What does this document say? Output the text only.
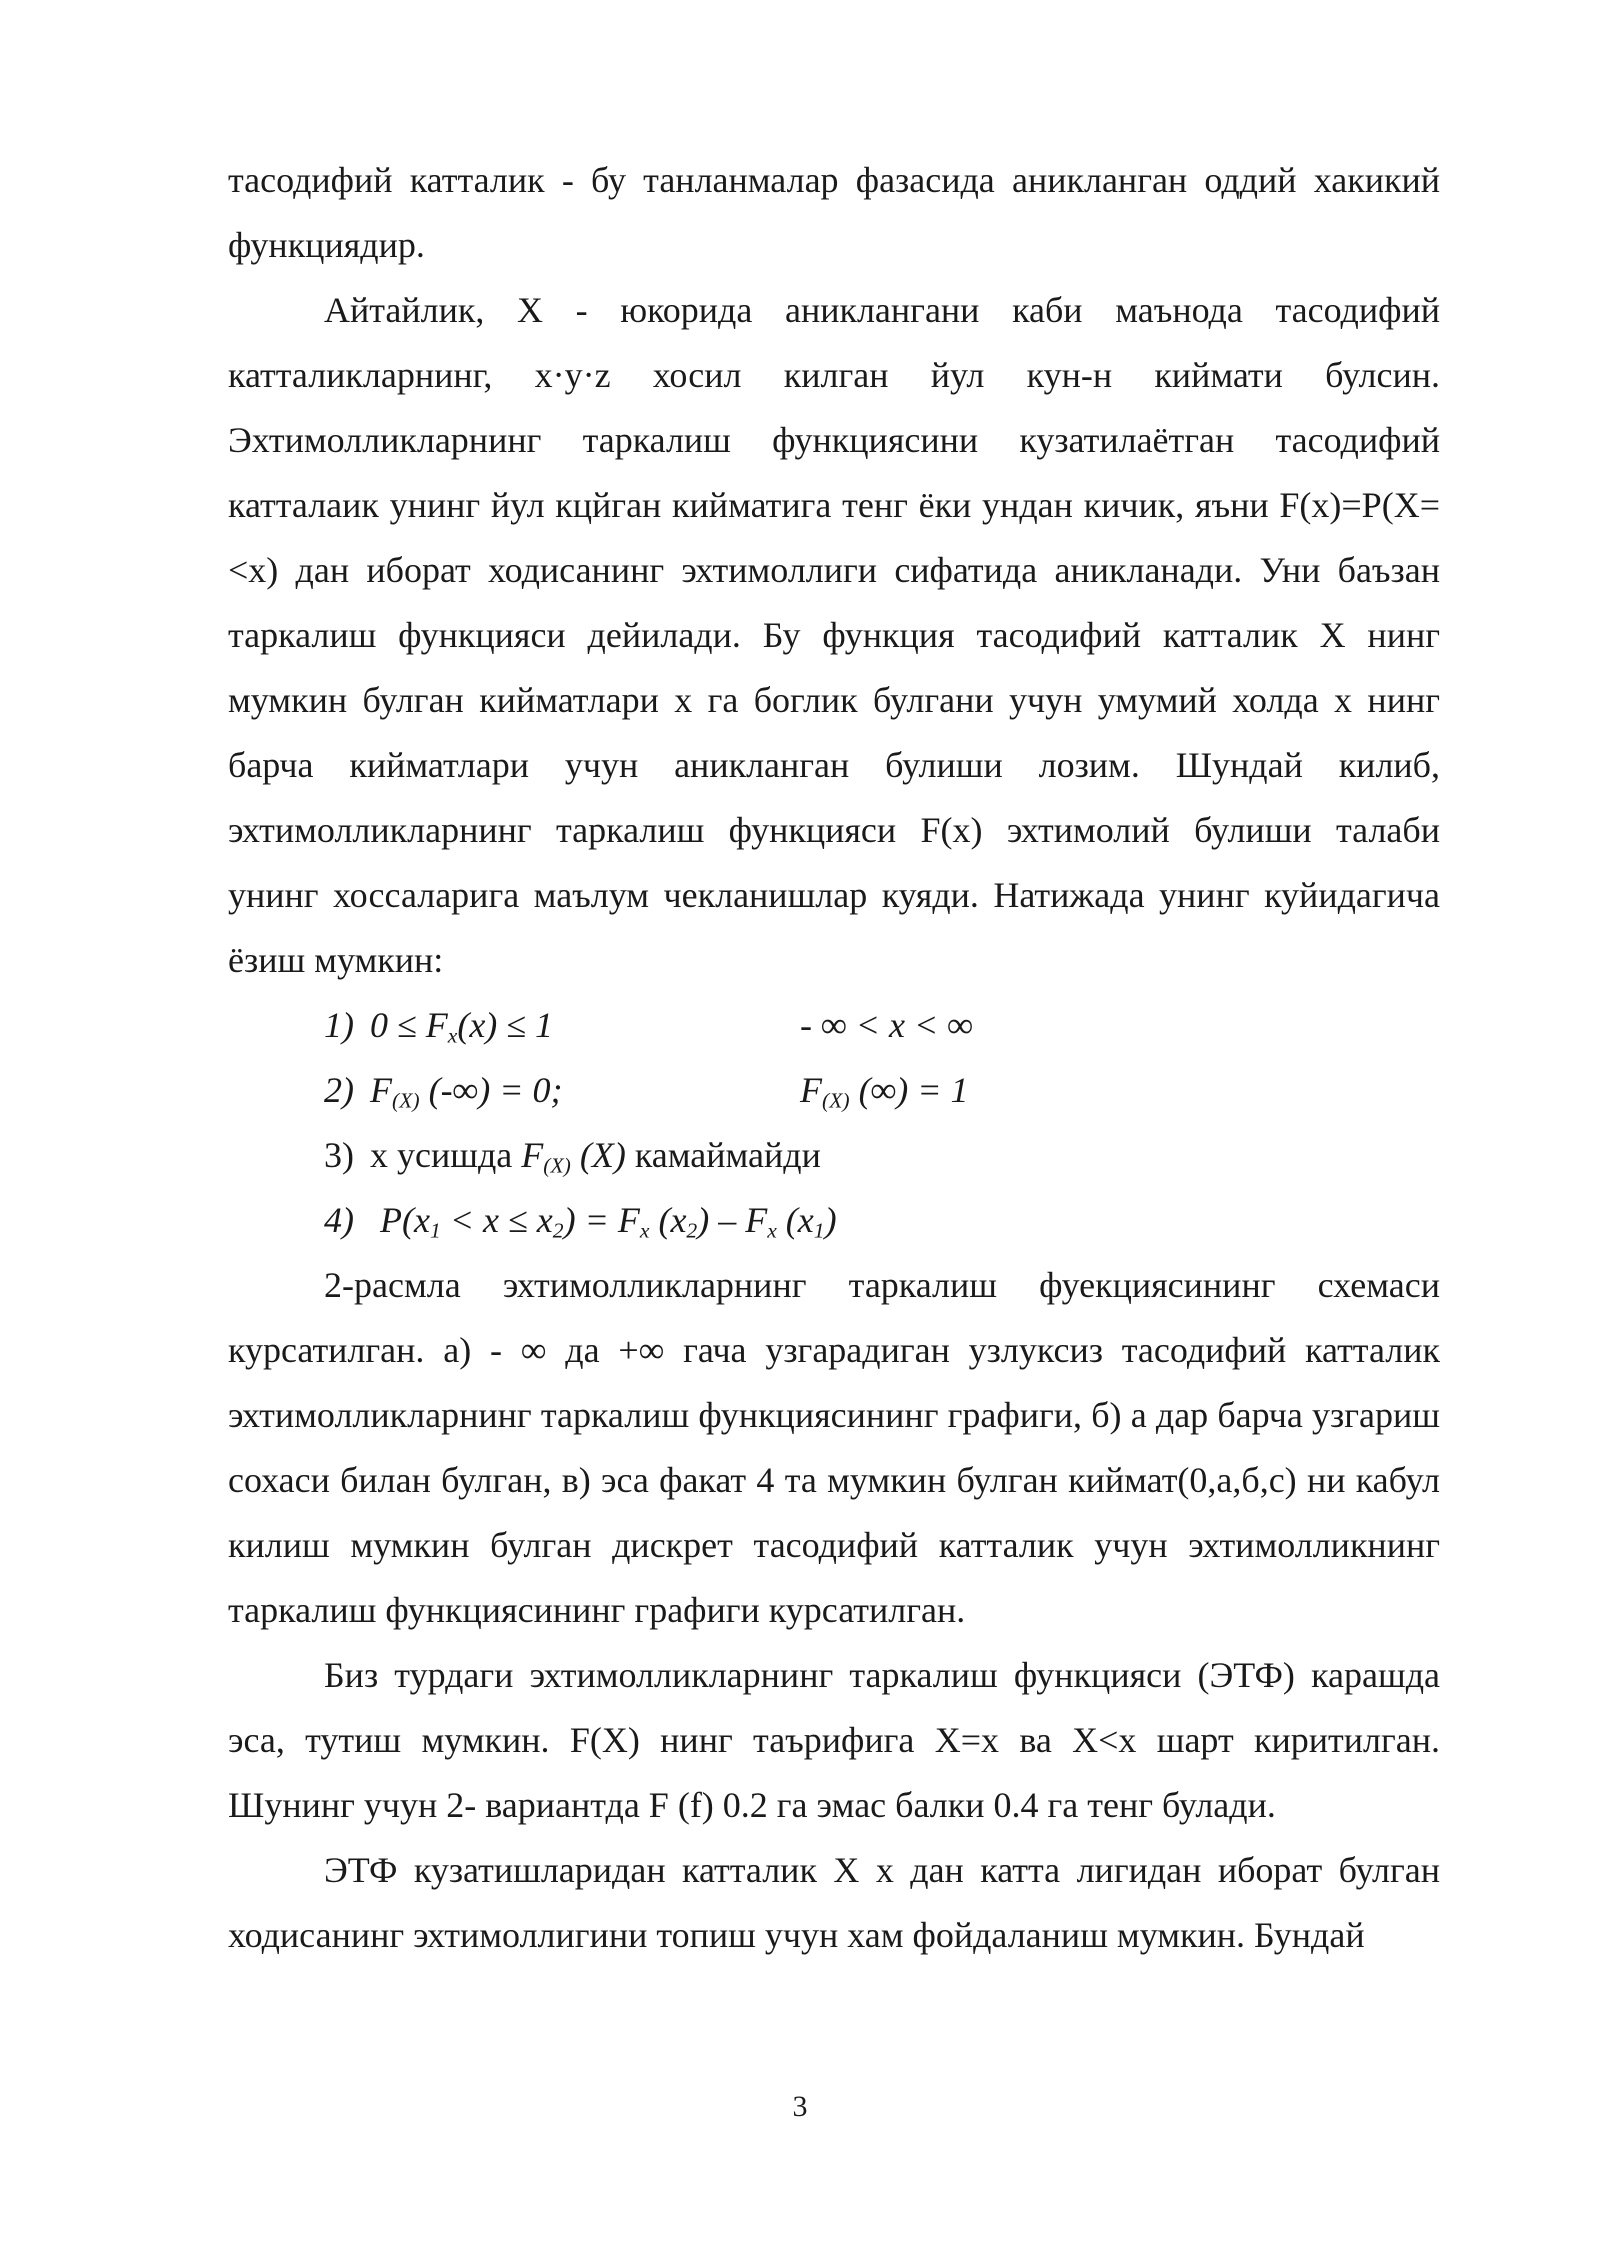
тасодифий катталик - бу танланмалар фазасида аникланган оддий хакикий функциядир.

Айтайлик, X - юкорида аниклангани каби маънода тасодифий катталикларнинг, x·y·z хосил килган йул кун-н киймати булсин. Эхтимолликларнинг таркалиш функциясини кузатилаётган тасодифий катталаик унинг йул кцйган кийматига тенг ёки ундан кичик, яъни F(x)=P(X=<x) дан иборат ходисанинг эхтимоллиги сифатида аникланади. Уни баъзан таркалиш функцияси дейилади. Бу функция тасодифий катталик X нинг мумкин булган кийматлари x га боглик булгани учун умумий холда x нинг барча кийматлари учун аникланган булиши лозим. Шундай килиб, эхтимолликларнинг таркалиш функцияси F(x) эхтимолий булиши талаби унинг хоссаларига маълум чекланишлар куяди. Натижада унинг куйидагича ёзиш мумкин:

1) $0 \le F_x(x) \le 1$	- ∞ < x < ∞
2) $F_{(X)}$ (-∞) = 0;	$F_{(X)}$ (∞) = 1
3) x усишда $F_{(X)}$ (X) камаймайди
4) $P(x_1 < x \le x_2) = F_x$ $(x_2) - F_x$ $(x_1)$

2-расмла эхтимолликларнинг таркалиш фуекциясининг схемаси курсатилган. а) - ∞ да +∞ гача узгарадиган узлуксиз тасодифий катталик эхтимолликларнинг таркалиш функциясининг графиги, б) а дар барча узгариш сохаси билан булган, в) эса факат 4 та мумкин булган киймат(0,а,б,с) ни кабул килиш мумкин булган дискрет тасодифий катталик учун эхтимолликнинг таркалиш функциясининг графиги курсатилган.

Биз турдаги эхтимолликларнинг таркалиш функцияси (ЭТФ) карашда эса, тутиш мумкин. F(X) нинг таърифига X=x ва X<x шарт киритилган. Шунинг учун 2- вариантда F (f) 0.2 га эмас балки 0.4 га тенг булади.

ЭТФ кузатишларидан катталик X x дан катта лигидан иборат булган ходисанинг эхтимоллигини топиш учун хам фойдаланиш мумкин. Бундай

3
